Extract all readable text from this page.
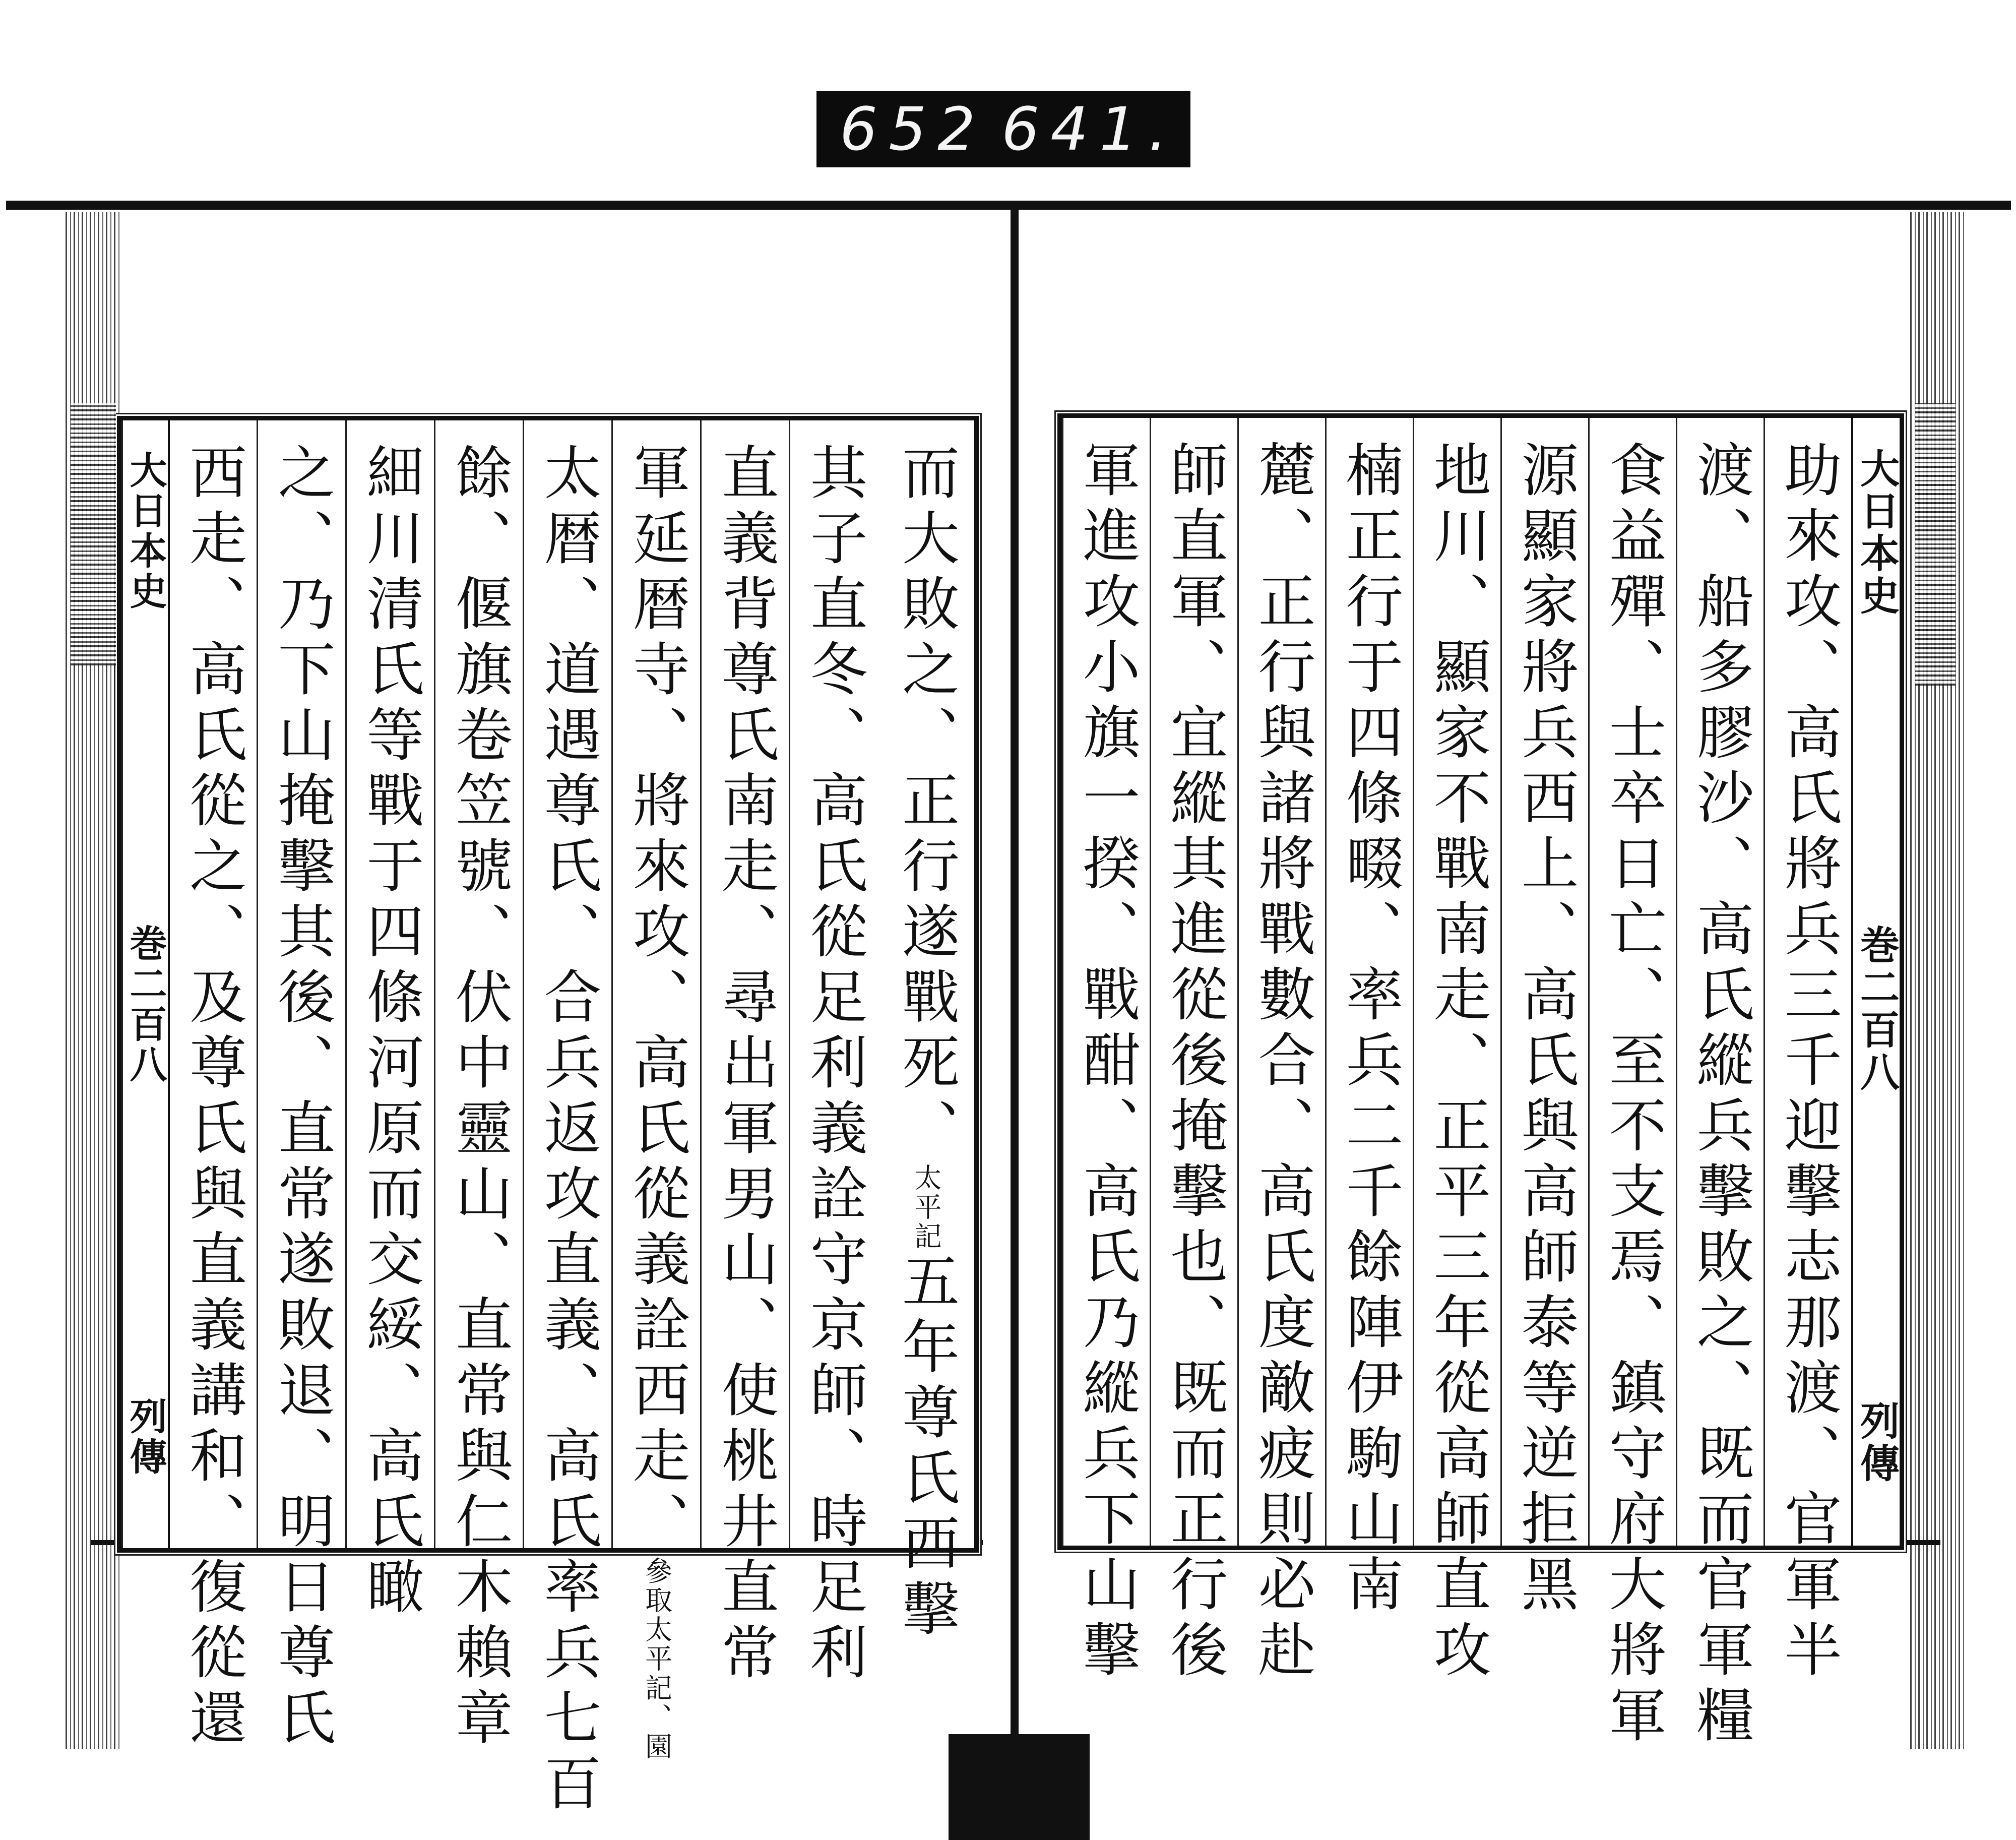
652 641.
軍進攻小旗一揆、戰酣、高氏乃縱兵下山擊 師直軍、宜縱其進從後掩擊也、既而正行後 麓、正行與諸將戰數合、高氏度敵疲則必赴 楠正行于四條畷、率兵二千餘陣伊駒山南 地川、顯家不戰南走、正平三年從高師直攻 源顯家將兵西上、高氏與高師泰等逆拒黑 食益殫、士卒日亡、至不支焉、鎮守府大將軍 渡、船多膠沙、高氏縱兵擊敗之、既而官軍糧 助來攻、高氏將兵三千迎擊志那渡、官軍半 大日本史
巻二百八
列傳
大日本史
巻二百八
列傳 西走、高氏從之、及尊氏與直義講和、復從還 之、乃下山掩擊其後、直常遂敗退、明日尊氏 細川清氏等戰于四條河原而交綏、高氏瞰 餘、偃旗卷笠號、伏中靈山、直常與仁木賴章 太暦、道遇尊氏、合兵返攻直義、高氏率兵七百 軍延暦寺、將來攻、高氏從義詮西走、
參取太平記、園 直義背尊氏南走、尋出軍男山、使桃井直常 其子直冬、高氏從足利義詮守京師、時足利 而大敗之、正行遂戰死、
太平記
五年尊氏西擊
